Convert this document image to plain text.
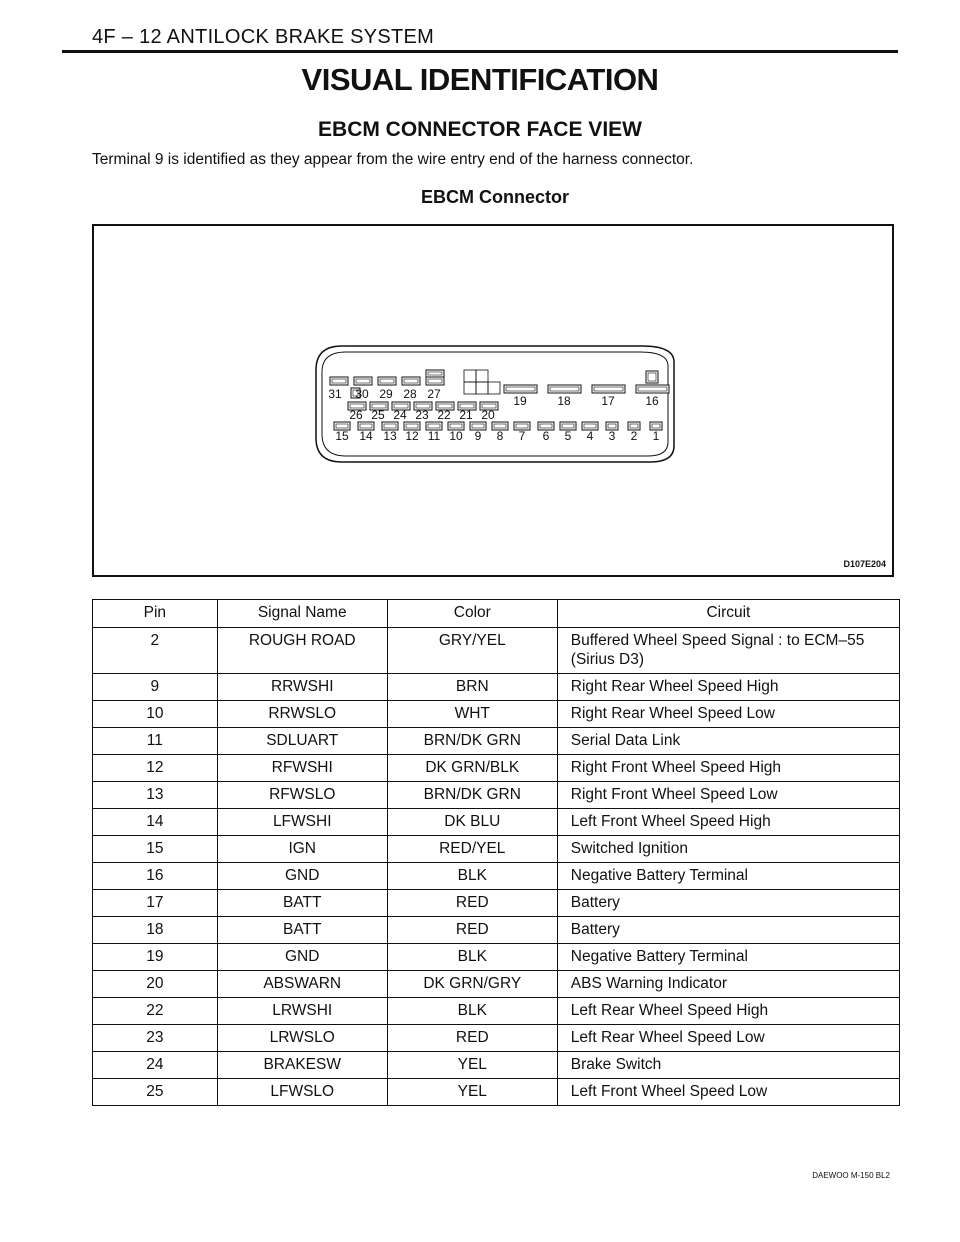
4F – 12 ANTILOCK BRAKE SYSTEM
VISUAL IDENTIFICATION
EBCM CONNECTOR FACE VIEW
Terminal 9 is identified as they appear from the wire entry end of the harness connector.
EBCM Connector
31 30 29 28 27	19	18	17	16
26 25 24 23 22 21 20
15 14 13 12 11 10 9 8 7 6 5 4 3 2 1
D107E204
Pin	Signal Name	Color	Circuit
2	ROUGH ROAD	GRY/YEL	Buffered Wheel Speed Signal : to ECM–55 (Sirius D3)
9	RRWSHI	BRN	Right Rear Wheel Speed High
10	RRWSLO	WHT	Right Rear Wheel Speed Low
11	SDLUART	BRN/DK GRN	Serial Data Link
12	RFWSHI	DK GRN/BLK	Right Front Wheel Speed High
13	RFWSLO	BRN/DK GRN	Right Front Wheel Speed Low
14	LFWSHI	DK BLU	Left Front Wheel Speed High
15	IGN	RED/YEL	Switched Ignition
16	GND	BLK	Negative Battery Terminal
17	BATT	RED	Battery
18	BATT	RED	Battery
19	GND	BLK	Negative Battery Terminal
20	ABSWARN	DK GRN/GRY	ABS Warning Indicator
22	LRWSHI	BLK	Left Rear Wheel Speed High
23	LRWSLO	RED	Left Rear Wheel Speed Low
24	BRAKESW	YEL	Brake Switch
25	LFWSLO	YEL	Left Front Wheel Speed Low
DAEWOO M-150 BL2
